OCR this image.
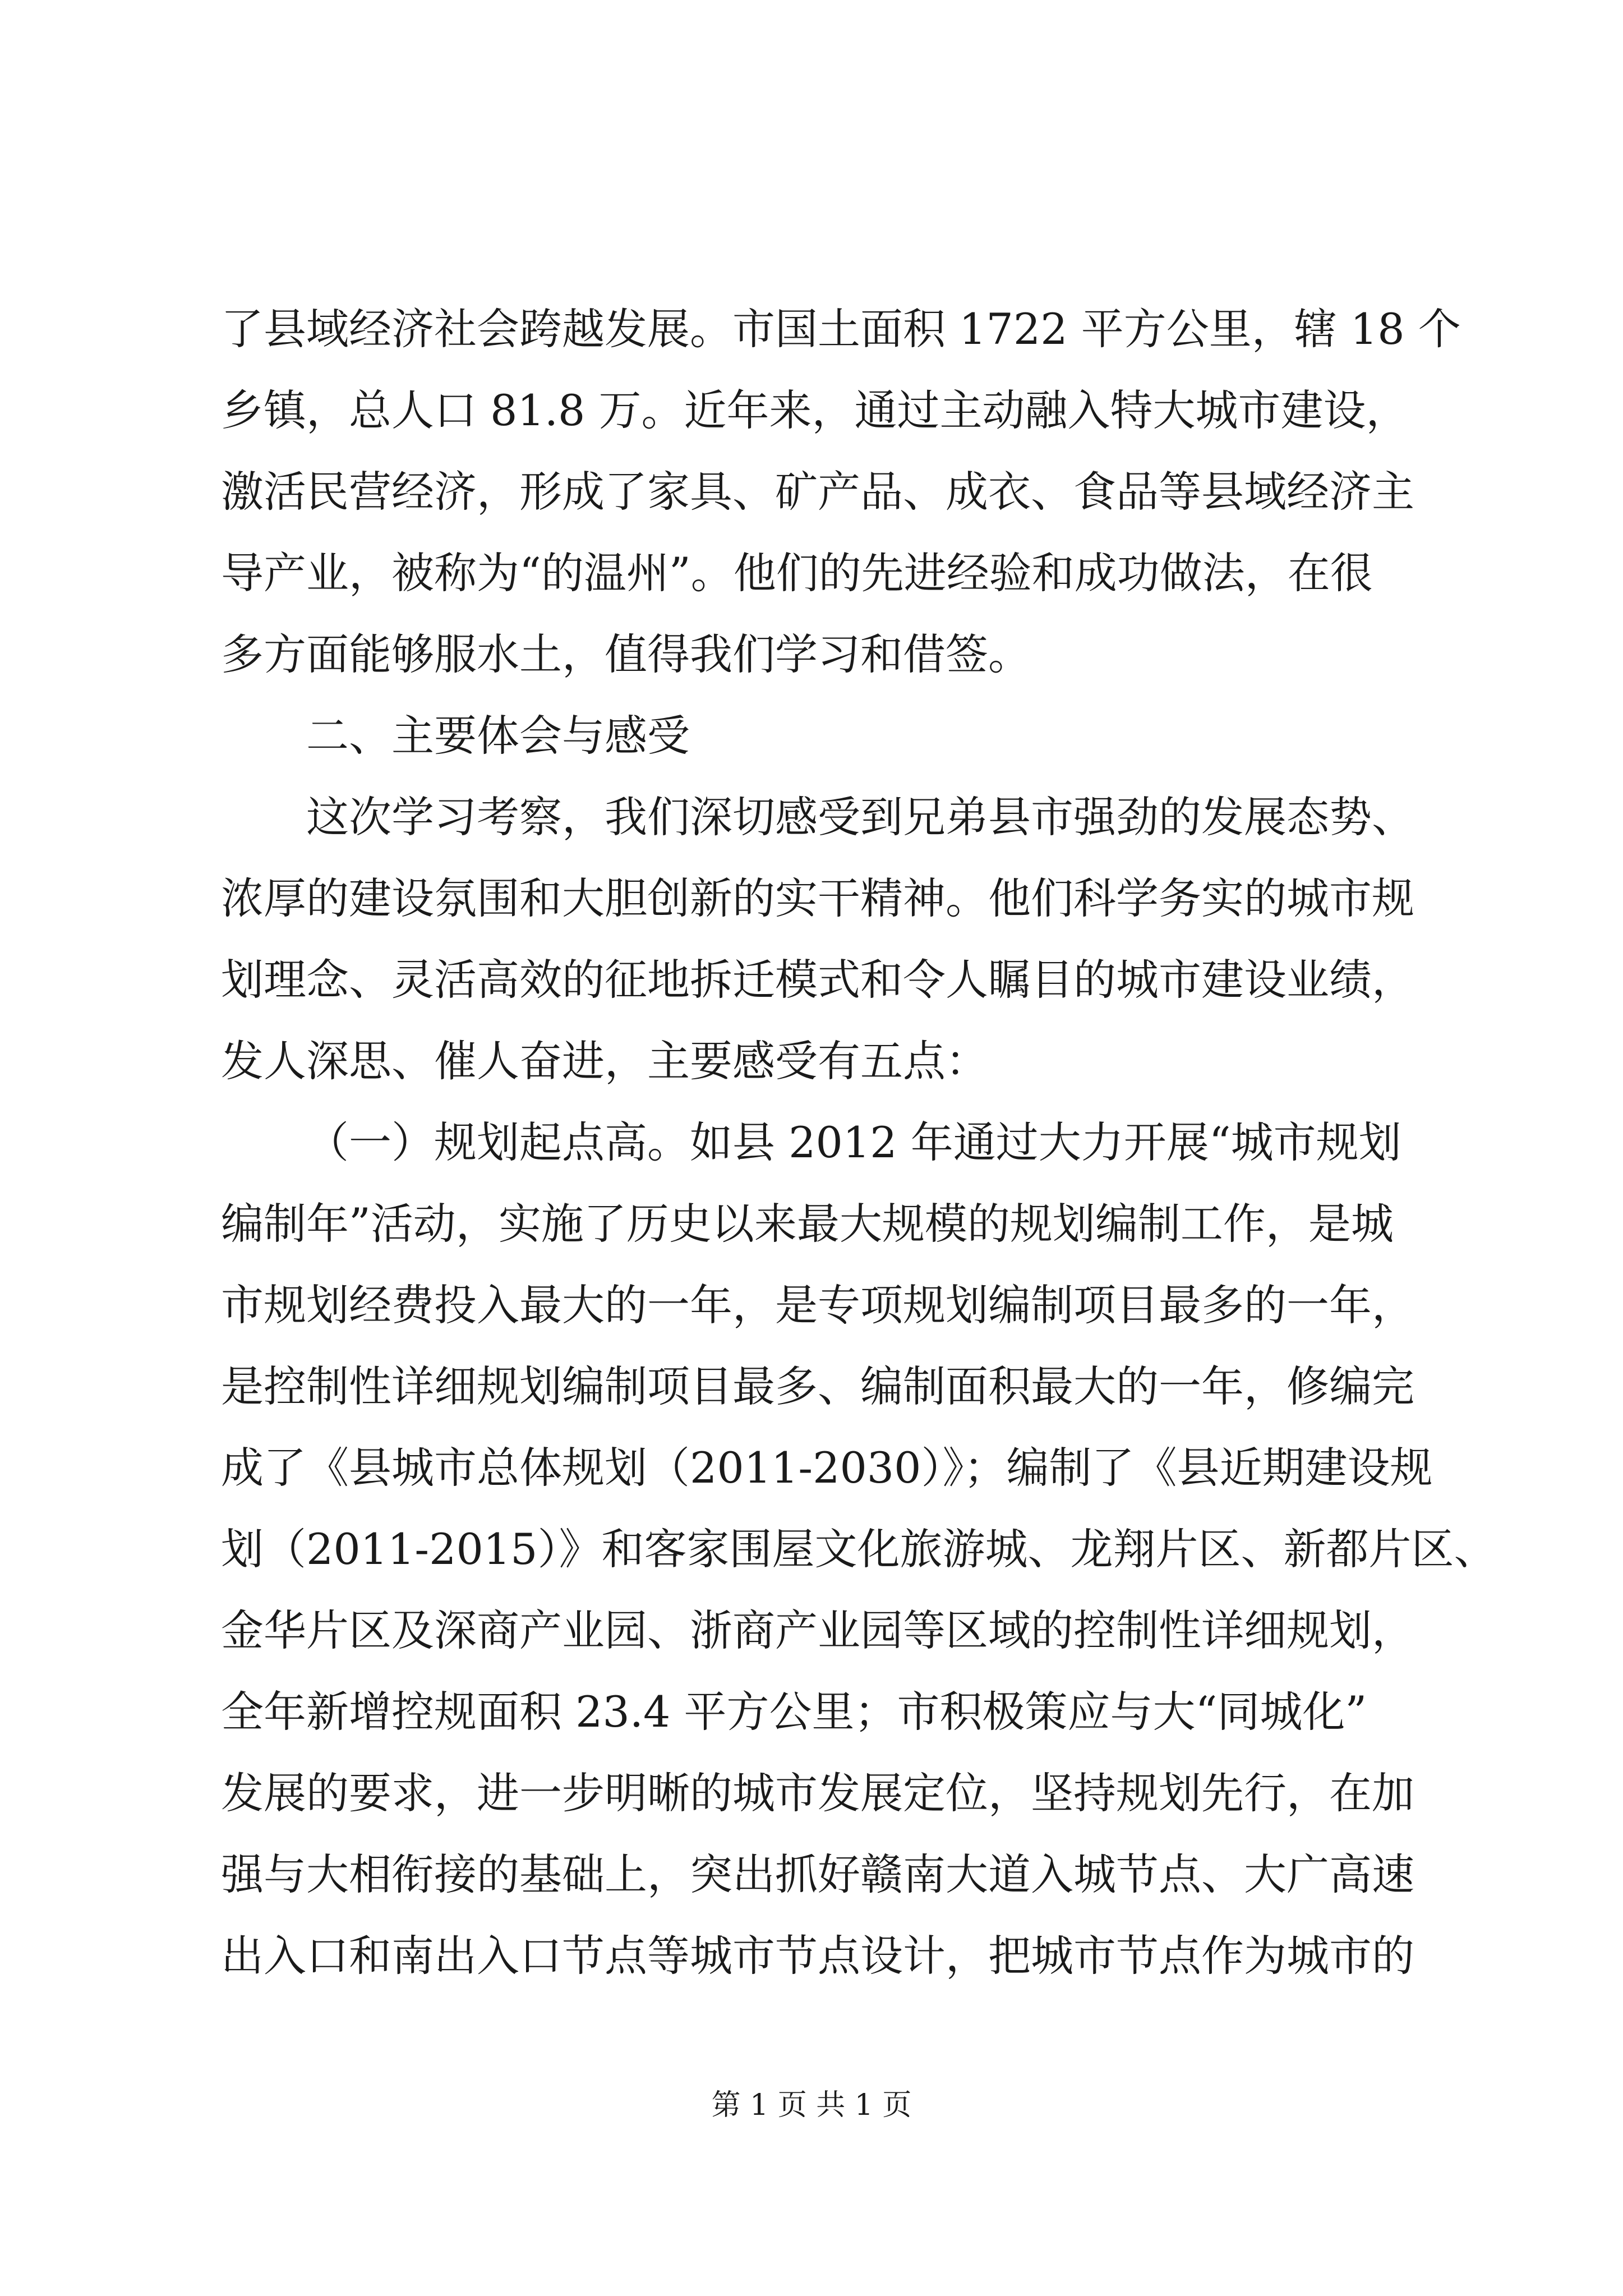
了县域经济社会跨越发展。市国土面积 1722 平方公里，辖 18 个
乡镇，总人口 81.8 万。近年来，通过主动融入特大城市建设，
激活民营经济，形成了家具、矿产品、成衣、食品等县域经济主
导产业，被称为“的温州”。他们的先进经验和成功做法，在很
多方面能够服水土，值得我们学习和借签。
二、主要体会与感受
这次学习考察，我们深切感受到兄弟县市强劲的发展态势、
浓厚的建设氛围和大胆创新的实干精神。他们科学务实的城市规
划理念、灵活高效的征地拆迁模式和令人瞩目的城市建设业绩，
发人深思、催人奋进，主要感受有五点：
（一）规划起点高。如县 2012 年通过大力开展“城市规划
编制年”活动，实施了历史以来最大规模的规划编制工作，是城
市规划经费投入最大的一年，是专项规划编制项目最多的一年，
是控制性详细规划编制项目最多、编制面积最大的一年，修编完
成了《县城市总体规划（2011-2030）》；编制了《县近期建设规
划（2011-2015）》和客家围屋文化旅游城、龙翔片区、新都片区、
金华片区及深商产业园、浙商产业园等区域的控制性详细规划，
全年新增控规面积 23.4 平方公里；市积极策应与大“同城化”
发展的要求，进一步明晰的城市发展定位，坚持规划先行，在加
强与大相衔接的基础上，突出抓好赣南大道入城节点、大广高速
出入口和南出入口节点等城市节点设计，把城市节点作为城市的
第 1 页 共 1 页
